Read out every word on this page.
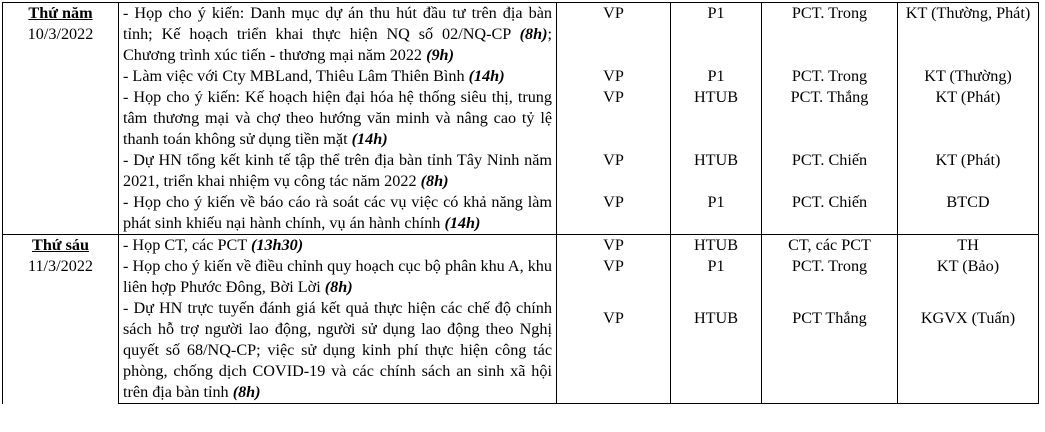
Thứ năm
10/3/2022	- Họp cho ý kiến: Danh mục dự án thu hút đầu tư trên địa bàn tỉnh; Kế hoạch triển khai thực hiện NQ số 02/NQ-CP (8h); Chương trình xúc tiến - thương mại năm 2022 (9h)	VP	P1	PCT. Trong	KT (Thường, Phát)
	- Làm việc với Cty MBLand, Thiêu Lâm Thiên Bình (14h)	VP	P1	PCT. Trong	KT (Thường)
	- Họp cho ý kiến: Kế hoạch hiện đại hóa hệ thống siêu thị, trung tâm thương mại và chợ theo hướng văn minh và nâng cao tỷ lệ thanh toán không sử dụng tiền mặt (14h)	VP	HTUB	PCT. Thắng	KT (Phát)
	- Dự HN tổng kết kinh tế tập thể trên địa bàn tỉnh Tây Ninh năm 2021, triển khai nhiệm vụ công tác năm 2022 (8h)	VP	HTUB	PCT. Chiến	KT (Phát)
	- Họp cho ý kiến về báo cáo rà soát các vụ việc có khả năng làm phát sinh khiếu nại hành chính, vụ án hành chính (14h)	VP	P1	PCT. Chiến	BTCD

Thứ sáu
11/3/2022	- Họp CT, các PCT (13h30)	VP	HTUB	CT, các PCT	TH
	- Họp cho ý kiến về điều chỉnh quy hoạch cục bộ phân khu A, khu liên hợp Phước Đông, Bời Lời (8h)	VP	P1	PCT. Trong	KT (Bảo)
	- Dự HN trực tuyến đánh giá kết quả thực hiện các chế độ chính sách hỗ trợ người lao động, người sử dụng lao động theo Nghị quyết số 68/NQ-CP; việc sử dụng kinh phí thực hiện công tác phòng, chống dịch COVID-19 và các chính sách an sinh xã hội trên địa bàn tỉnh (8h)	VP	HTUB	PCT Thắng	KGVX (Tuấn)
